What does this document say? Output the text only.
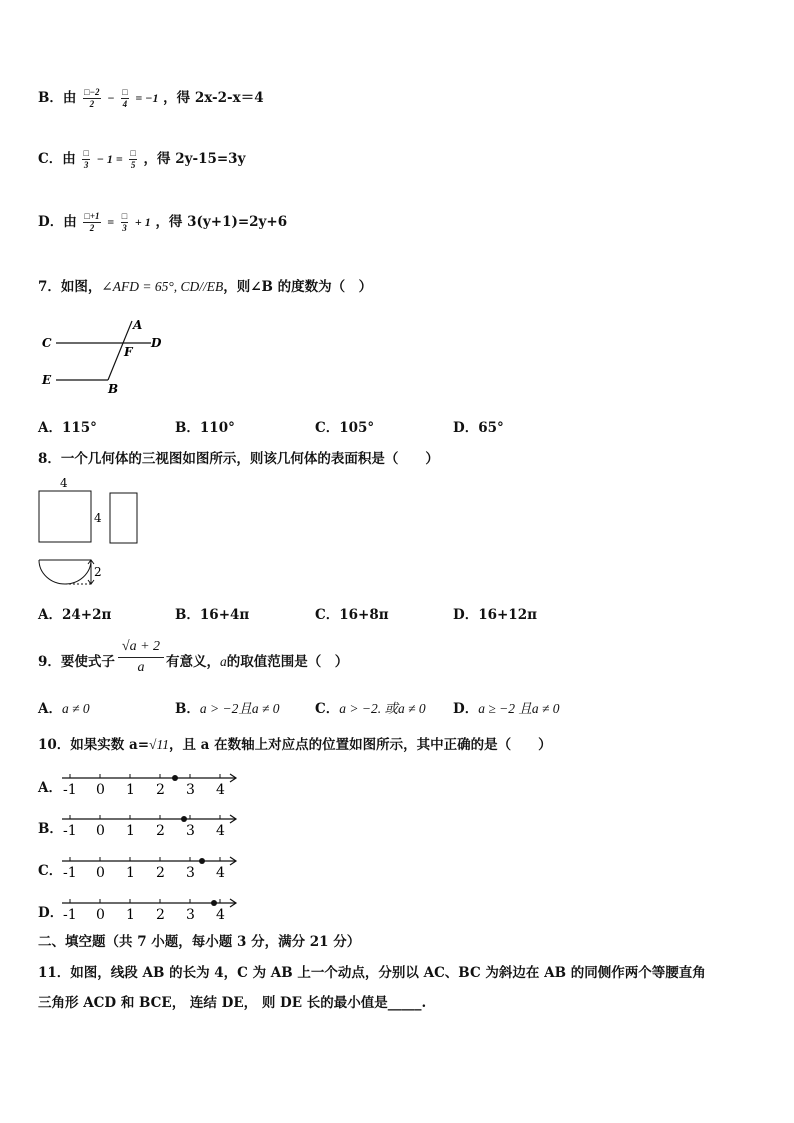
B．由 $\frac{□-2}{2} - \frac{□}{4} = -1$ ，得 2x-2-x＝4
C．由 $\frac{□}{3} - 1 = \frac{□}{5}$ ，得 2y-15=3y
D．由 $\frac{□+1}{2} = \frac{□}{3} + 1$ ，得 3(y+1)=2y+6
7．如图，∠AFD = 65°, CD//EB，则∠B 的度数为（　）
A
C	D
F
E
B
A．115°	B．110°	C．105°	D．65°
8．一个几何体的三视图如图所示，则该几何体的表面积是（　　）
4
4
2
A．24+2π	B．16+4π	C．16+8π	D．16+12π
9．要使式子 $\frac{√a + 2}{a}$ 有意义，a的取值范围是（　）
A．a ≠ 0	B．a > −2且a ≠ 0	C．a > −2. 或a ≠ 0 D．a ≥ −2 且a ≠ 0
10．如果实数 a=√11，且 a 在数轴上对应点的位置如图所示，其中正确的是（　　）
A． -1 0 1 2 3 4
B． -1 0 1 2 3 4
C． -1 0 1 2 3 4
D． -1 0 1 2 3 4
二、填空题（共 7 小题，每小题 3 分，满分 21 分）
11．如图，线段 AB 的长为 4，C 为 AB 上一个动点，分别以 AC、BC 为斜边在 AB 的同侧作两个等腰直角
三角形 ACD 和 BCE， 连结 DE， 则 DE 长的最小值是_____.
